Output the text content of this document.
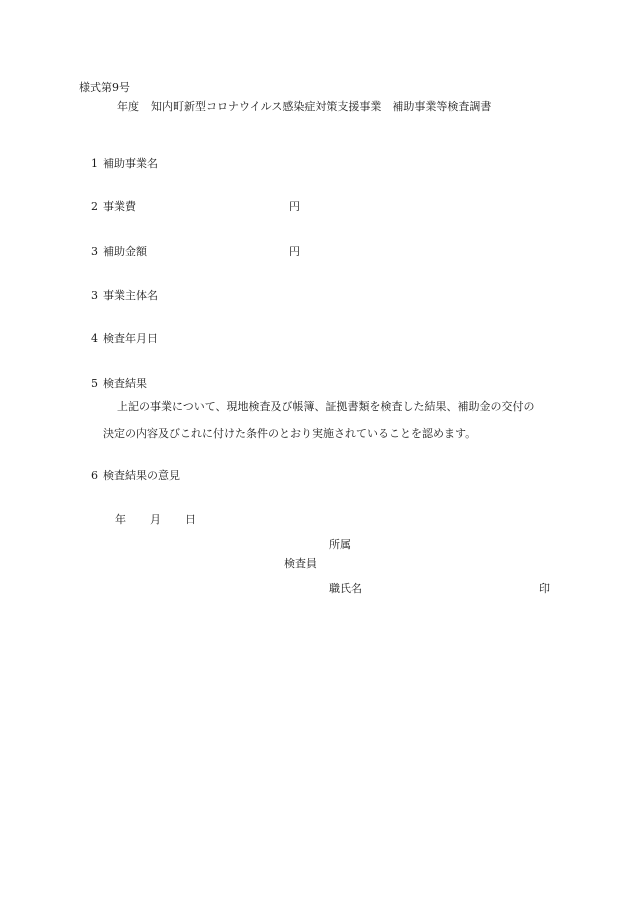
様式第9号
年度 知内町新型コロナウイルス感染症対策支援事業　補助事業等検査調書
1 補助事業名
2 事業費	円
3 補助金額	円
3 事業主体名
4 検査年月日
5 検査結果
上記の事業について、現地検査及び帳簿、証拠書類を検査した結果、補助金の交付の
決定の内容及びこれに付けた条件のとおり実施されていることを認めます。
6 検査結果の意見
年 月 日
所属
検査員
職氏名	印
